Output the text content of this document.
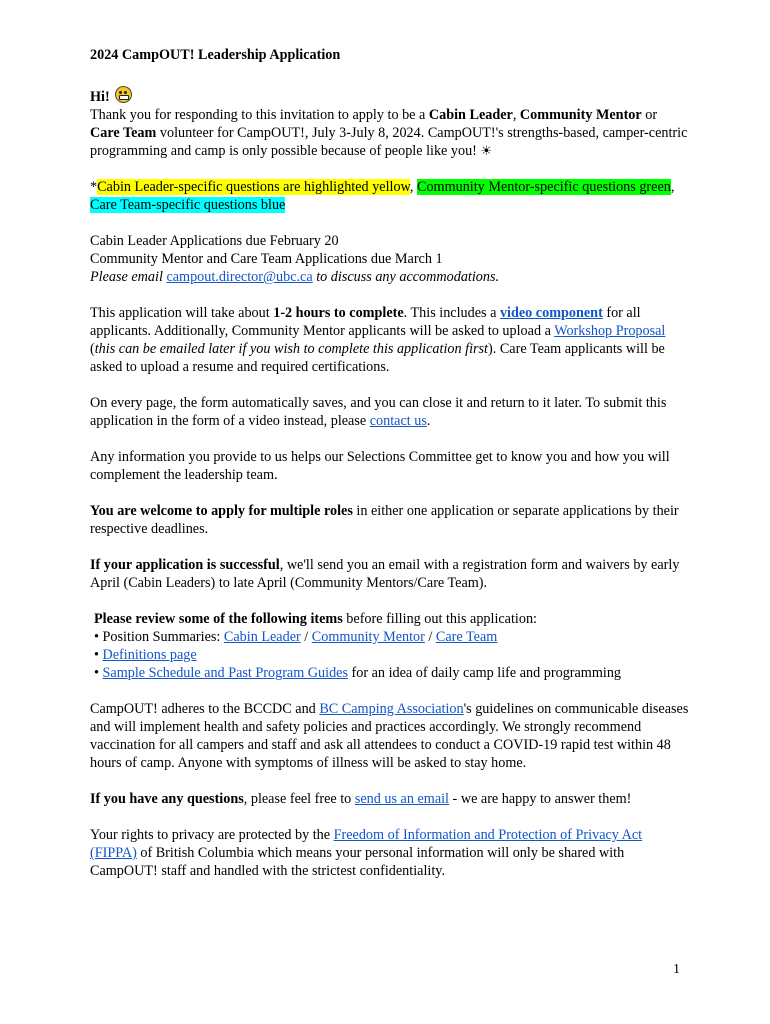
2024 CampOUT! Leadership Application

Hi!
Thank you for responding to this invitation to apply to be a Cabin Leader, Community Mentor or Care Team volunteer for CampOUT!, July 3-July 8, 2024. CampOUT!'s strengths-based, camper-centric programming and camp is only possible because of people like you! ☀

*Cabin Leader-specific questions are highlighted yellow, Community Mentor-specific questions green, Care Team-specific questions blue

Cabin Leader Applications due February 20

Community Mentor and Care Team Applications due March 1

Please email campout.director@ubc.ca to discuss any accommodations.

This application will take about 1-2 hours to complete. This includes a video component for all applicants. Additionally, Community Mentor applicants will be asked to upload a Workshop Proposal (this can be emailed later if you wish to complete this application first). Care Team applicants will be asked to upload a resume and required certifications.

On every page, the form automatically saves, and you can close it and return to it later. To submit this application in the form of a video instead, please contact us.

Any information you provide to us helps our Selections Committee get to know you and how you will complement the leadership team.

You are welcome to apply for multiple roles in either one application or separate applications by their respective deadlines.

If your application is successful, we'll send you an email with a registration form and waivers by early April (Cabin Leaders) to late April (Community Mentors/Care Team).

Please review some of the following items before filling out this application:

• Position Summaries: Cabin Leader / Community Mentor / Care Team

• Definitions page

• Sample Schedule and Past Program Guides for an idea of daily camp life and programming

CampOUT! adheres to the BCCDC and BC Camping Association's guidelines on communicable diseases and will implement health and safety policies and practices accordingly. We strongly recommend vaccination for all campers and staff and ask all attendees to conduct a COVID-19 rapid test within 48 hours of camp. Anyone with symptoms of illness will be asked to stay home.

If you have any questions, please feel free to send us an email - we are happy to answer them!

Your rights to privacy are protected by the Freedom of Information and Protection of Privacy Act (FIPPA) of British Columbia which means your personal information will only be shared with CampOUT! staff and handled with the strictest confidentiality.

1
